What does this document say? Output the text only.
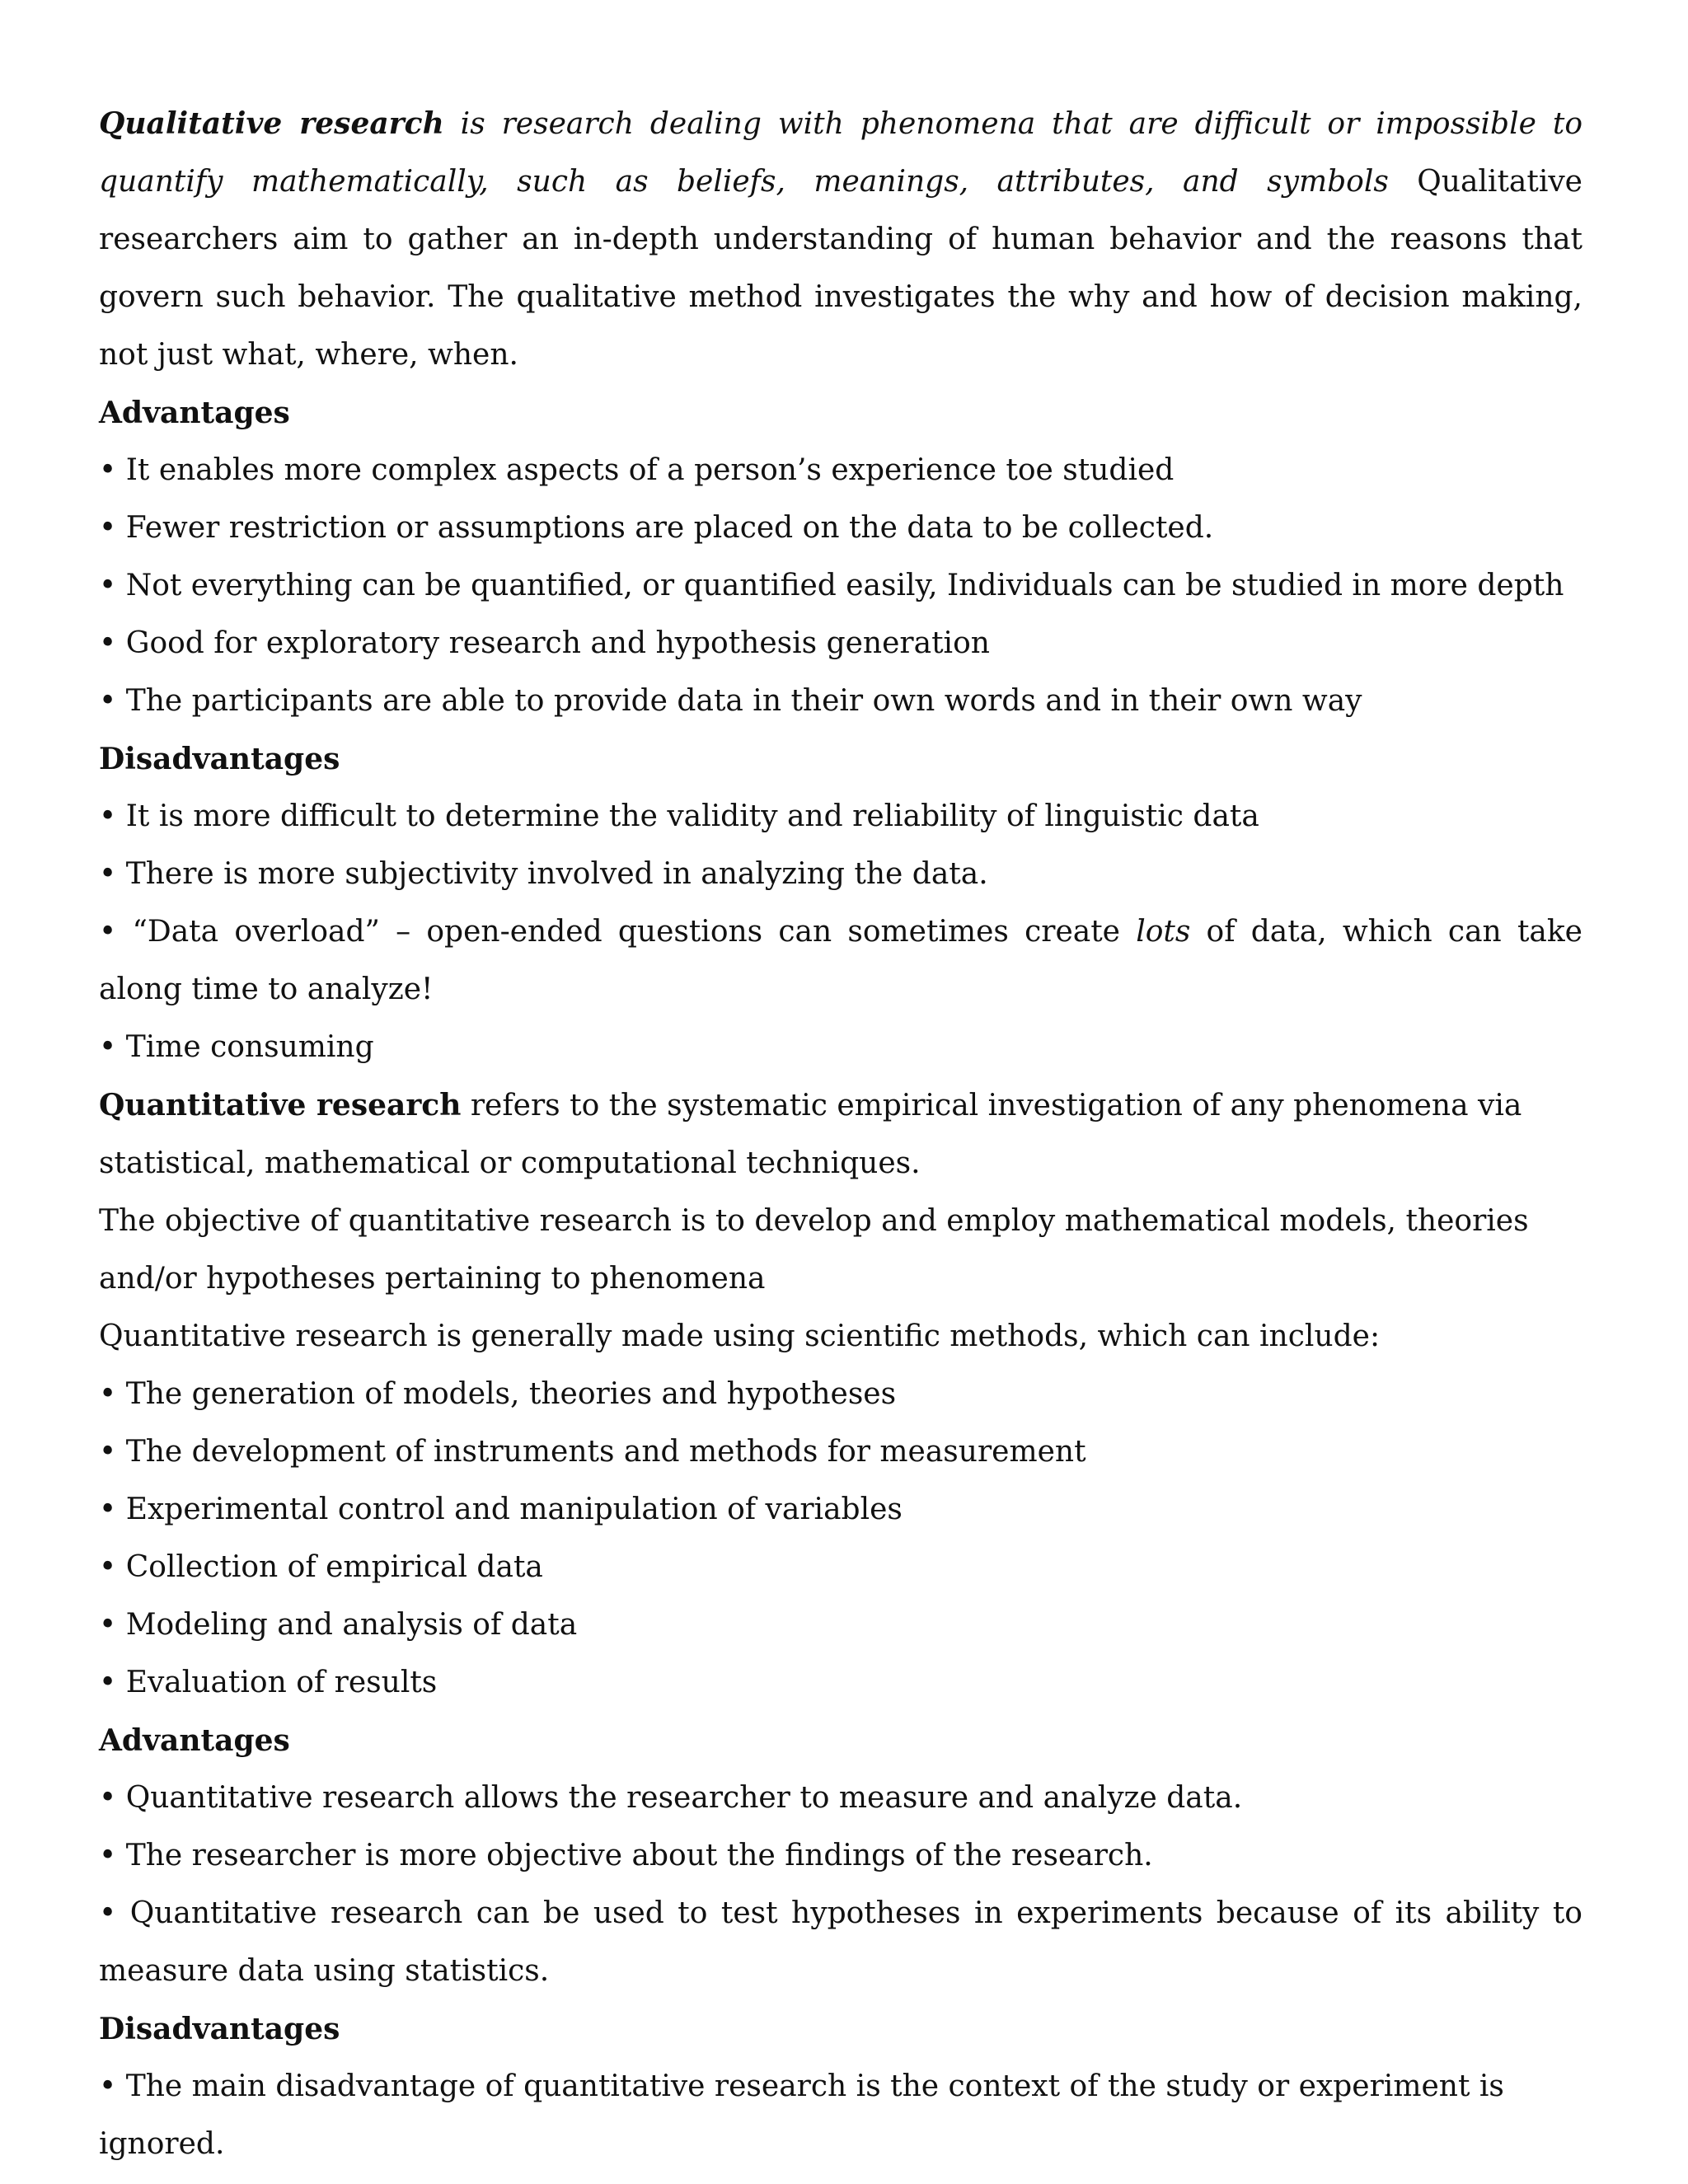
Qualitative research is research dealing with phenomena that are difficult or impossible to quantify mathematically, such as beliefs, meanings, attributes, and symbols Qualitative researchers aim to gather an in-depth understanding of human behavior and the reasons that govern such behavior. The qualitative method investigates the why and how of decision making, not just what, where, when.

Advantages
• It enables more complex aspects of a person’s experience toe studied
• Fewer restriction or assumptions are placed on the data to be collected.
• Not everything can be quantified, or quantified easily, Individuals can be studied in more depth
• Good for exploratory research and hypothesis generation
• The participants are able to provide data in their own words and in their own way
Disadvantages
• It is more difficult to determine the validity and reliability of linguistic data
• There is more subjectivity involved in analyzing the data.

• “Data overload” – open-ended questions can sometimes create lots of data, which can take along time to analyze!

• Time consuming

Quantitative research refers to the systematic empirical investigation of any phenomena via statistical, mathematical or computational techniques.

The objective of quantitative research is to develop and employ mathematical models, theories and/or hypotheses pertaining to phenomena

Quantitative research is generally made using scientific methods, which can include:
• The generation of models, theories and hypotheses
• The development of instruments and methods for measurement
• Experimental control and manipulation of variables
• Collection of empirical data
• Modeling and analysis of data
• Evaluation of results
Advantages
• Quantitative research allows the researcher to measure and analyze data.
• The researcher is more objective about the findings of the research.

• Quantitative research can be used to test hypotheses in experiments because of its ability to measure data using statistics.

Disadvantages
• The main disadvantage of quantitative research is the context of the study or experiment is ignored.
